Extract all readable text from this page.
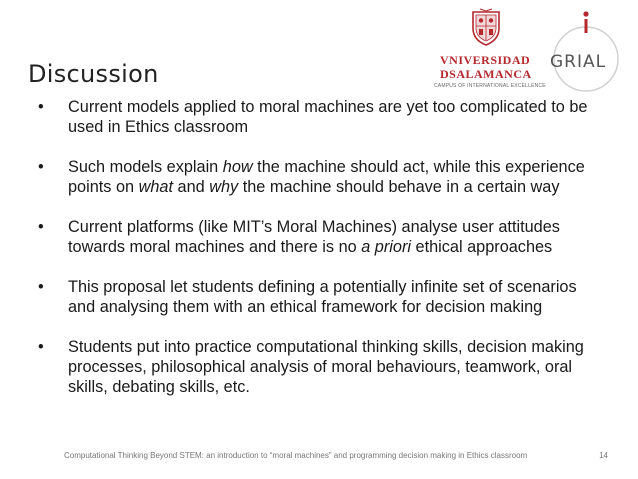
Discussion	VNIVERSIDAD
DSALAMANCA
CAMPUS OF INTERNATIONAL EXCELLENCE
GRIAL
• Current models applied to moral machines are yet too complicated to be used in Ethics classroom
• Such models explain how the machine should act, while this experience points on what and why the machine should behave in a certain way
• Current platforms (like MIT’s Moral Machines) analyse user attitudes towards moral machines and there is no a priori ethical approaches
• This proposal let students defining a potentially infinite set of scenarios and analysing them with an ethical framework for decision making
• Students put into practice computational thinking skills, decision making processes, philosophical analysis of moral behaviours, teamwork, oral skills, debating skills, etc.
Computational Thinking Beyond STEM: an introduction to “moral machines” and programming decision making in Ethics classroom	14
